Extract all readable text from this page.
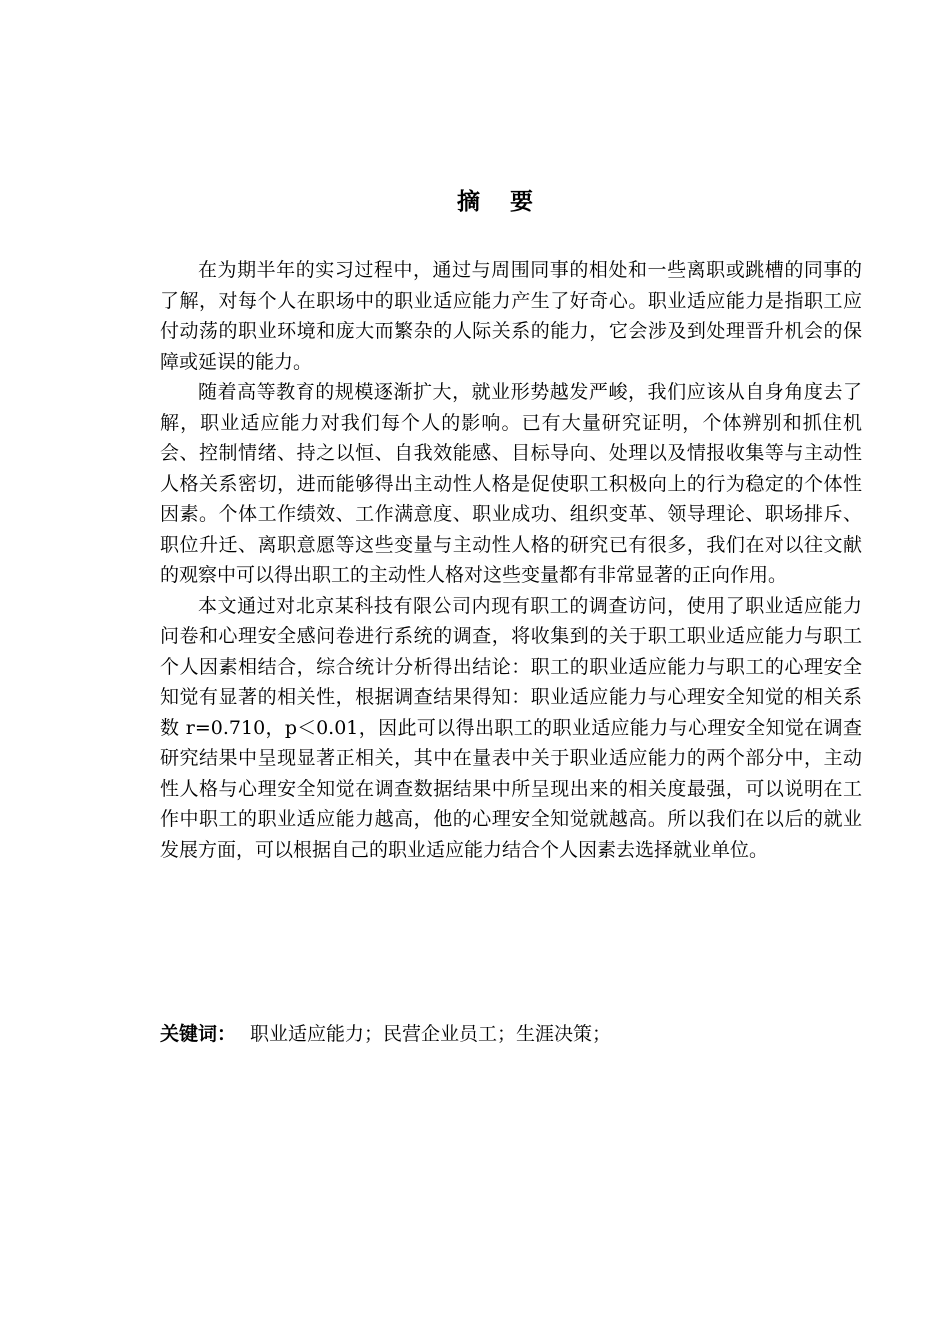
摘要

在为期半年的实习过程中，通过与周围同事的相处和一些离职或跳槽的同事的了解，对每个人在职场中的职业适应能力产生了好奇心。职业适应能力是指职工应付动荡的职业环境和庞大而繁杂的人际关系的能力，它会涉及到处理晋升机会的保障或延误的能力。

随着高等教育的规模逐渐扩大，就业形势越发严峻，我们应该从自身角度去了解，职业适应能力对我们每个人的影响。已有大量研究证明，个体辨别和抓住机会、控制情绪、持之以恒、自我效能感、目标导向、处理以及情报收集等与主动性人格关系密切，进而能够得出主动性人格是促使职工积极向上的行为稳定的个体性因素。个体工作绩效、工作满意度、职业成功、组织变革、领导理论、职场排斥、职位升迁、离职意愿等这些变量与主动性人格的研究已有很多，我们在对以往文献的观察中可以得出职工的主动性人格对这些变量都有非常显著的正向作用。

本文通过对北京某科技有限公司内现有职工的调查访问，使用了职业适应能力问卷和心理安全感问卷进行系统的调查，将收集到的关于职工职业适应能力与职工个人因素相结合，综合统计分析得出结论：职工的职业适应能力与职工的心理安全知觉有显著的相关性，根据调查结果得知：职业适应能力与心理安全知觉的相关系数 r=0.710，p＜0.01，因此可以得出职工的职业适应能力与心理安全知觉在调查研究结果中呈现显著正相关，其中在量表中关于职业适应能力的两个部分中，主动性人格与心理安全知觉在调查数据结果中所呈现出来的相关度最强，可以说明在工作中职工的职业适应能力越高，他的心理安全知觉就越高。所以我们在以后的就业发展方面，可以根据自己的职业适应能力结合个人因素去选择就业单位。

关键词： 职业适应能力；民营企业员工；生涯决策；
